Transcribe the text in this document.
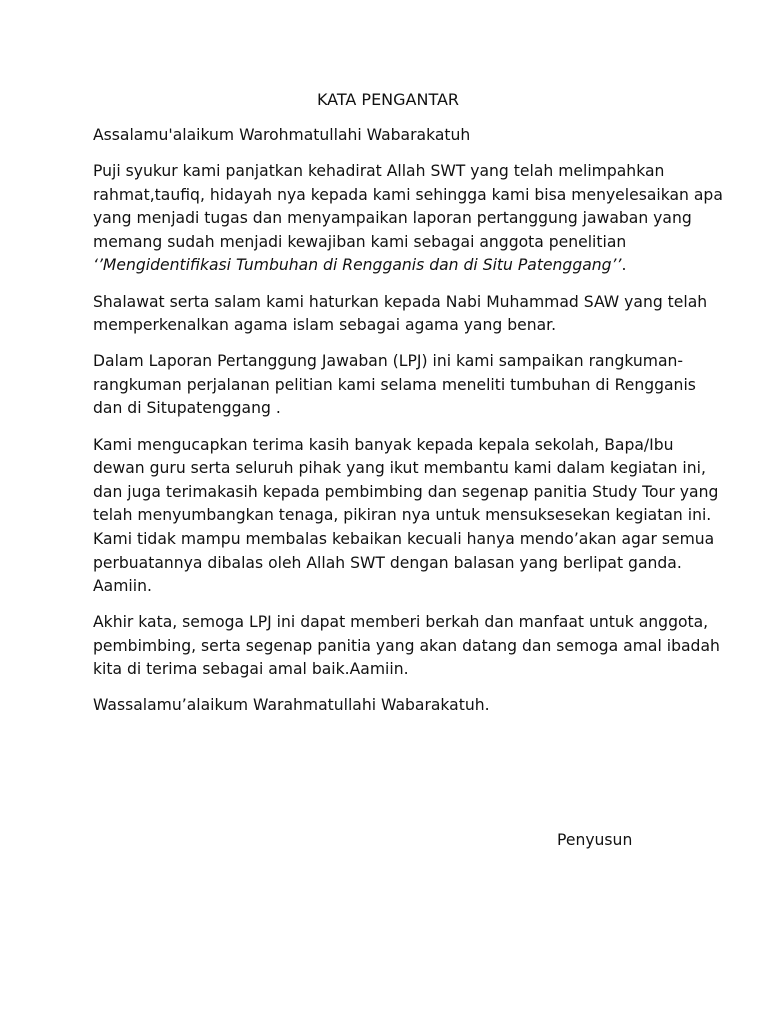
KATA PENGANTAR
Assalamu'alaikum Warohmatullahi Wabarakatuh
Puji syukur kami panjatkan kehadirat Allah SWT yang telah melimpahkan
rahmat,taufiq, hidayah nya kepada kami sehingga kami bisa menyelesaikan apa
yang menjadi tugas dan menyampaikan laporan pertanggung jawaban yang
memang sudah menjadi kewajiban kami sebagai anggota penelitian
‘’Mengidentifikasi Tumbuhan di Rengganis dan di Situ Patenggang’’.
Shalawat serta salam kami haturkan kepada Nabi Muhammad SAW yang telah
memperkenalkan agama islam sebagai agama yang benar.
Dalam Laporan Pertanggung Jawaban (LPJ) ini kami sampaikan rangkuman-
rangkuman perjalanan pelitian kami selama meneliti tumbuhan di Rengganis
dan di Situpatenggang .
Kami mengucapkan terima kasih banyak kepada kepala sekolah, Bapa/Ibu
dewan guru serta seluruh pihak yang ikut membantu kami dalam kegiatan ini,
dan juga terimakasih kepada pembimbing dan segenap panitia Study Tour yang
telah menyumbangkan tenaga, pikiran nya untuk mensuksesekan kegiatan ini.
Kami tidak mampu membalas kebaikan kecuali hanya mendo’akan agar semua
perbuatannya dibalas oleh Allah SWT dengan balasan yang berlipat ganda.
Aamiin.
Akhir kata, semoga LPJ ini dapat memberi berkah dan manfaat untuk anggota,
pembimbing, serta segenap panitia yang akan datang dan semoga amal ibadah
kita di terima sebagai amal baik.Aamiin.
Wassalamu’alaikum Warahmatullahi Wabarakatuh.
Penyusun
